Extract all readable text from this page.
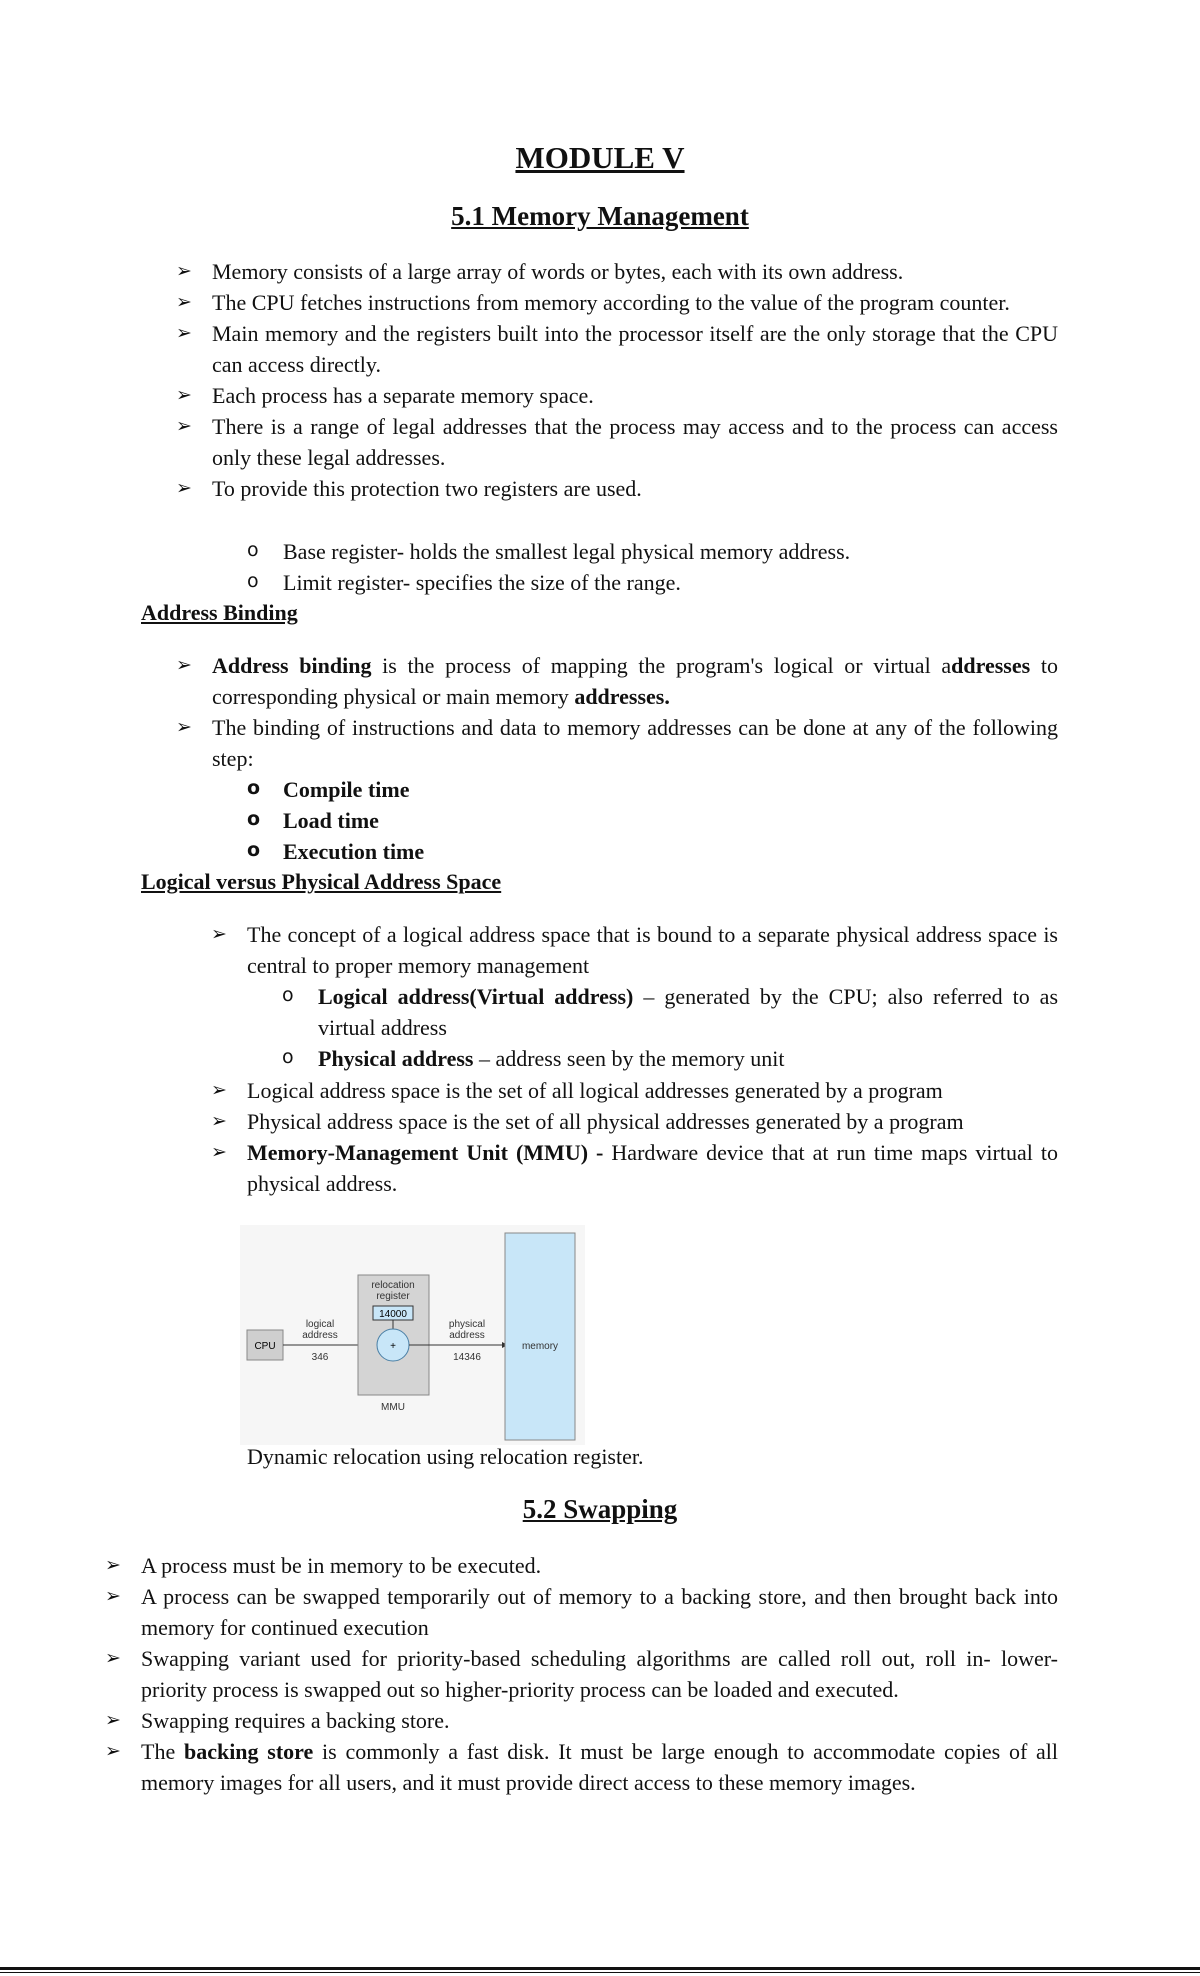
MODULE V
5.1 Memory Management
➢ Memory consists of a large array of words or bytes, each with its own address.
➢ The CPU fetches instructions from memory according to the value of the program counter.
➢ Main memory and the registers built into the processor itself are the only storage that the CPU can access directly.
➢ Each process has a separate memory space.
➢ There is a range of legal addresses that the process may access and to the process can access only these legal addresses.
➢ To provide this protection two registers are used.
o Base register- holds the smallest legal physical memory address.
o Limit register- specifies the size of the range.

Address Binding

➢ Address binding is the process of mapping the program's logical or virtual addresses to corresponding physical or main memory addresses.
➢ The binding of instructions and data to memory addresses can be done at any of the following step:
o Compile time
o Load time
o Execution time

Logical versus Physical Address Space

➢ The concept of a logical address space that is bound to a separate physical address space is central to proper memory management
o Logical address(Virtual address) – generated by the CPU; also referred to as virtual address
o Physical address – address seen by the memory unit
➢ Logical address space is the set of all logical addresses generated by a program
➢ Physical address space is the set of all physical addresses generated by a program
➢ Memory-Management Unit (MMU) - Hardware device that at run time maps virtual to physical address.
CPU
logical
address
346
relocation
register
14000
+
MMU
physical
address
14346
memory

Dynamic relocation using relocation register.

5.2 Swapping
➢ A process must be in memory to be executed.
➢ A process can be swapped temporarily out of memory to a backing store, and then brought back into memory for continued execution
➢ Swapping variant used for priority-based scheduling algorithms are called roll out, roll in- lower-priority process is swapped out so higher-priority process can be loaded and executed.
➢ Swapping requires a backing store.
➢ The backing store is commonly a fast disk. It must be large enough to accommodate copies of all memory images for all users, and it must provide direct access to these memory images.
